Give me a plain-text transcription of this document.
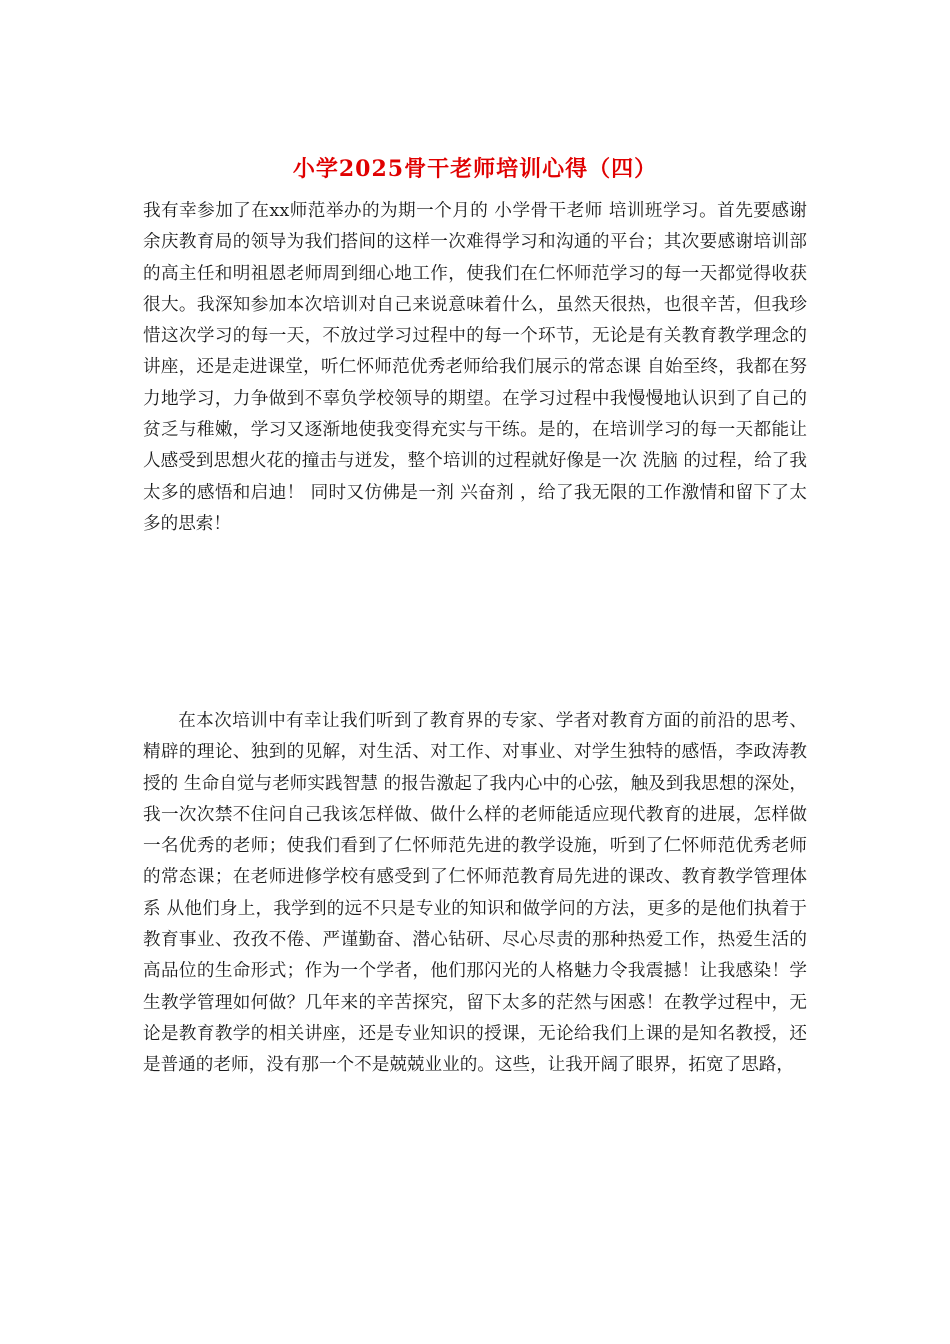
小学2025骨干老师培训心得（四）

我有幸参加了在xx师范举办的为期一个月的 小学骨干老师 培训班学习。首先要感谢余庆教育局的领导为我们搭间的这样一次难得学习和沟通的平台；其次要感谢培训部的高主任和明祖恩老师周到细心地工作，使我们在仁怀师范学习的每一天都觉得收获很大。我深知参加本次培训对自己来说意味着什么，虽然天很热，也很辛苦，但我珍惜这次学习的每一天，不放过学习过程中的每一个环节，无论是有关教育教学理念的讲座，还是走进课堂，听仁怀师范优秀老师给我们展示的常态课 自始至终，我都在努力地学习，力争做到不辜负学校领导的期望。在学习过程中我慢慢地认识到了自己的贫乏与稚嫩，学习又逐渐地使我变得充实与干练。是的，在培训学习的每一天都能让人感受到思想火花的撞击与迸发，整个培训的过程就好像是一次 洗脑 的过程，给了我太多的感悟和启迪！ 同时又仿佛是一剂 兴奋剂 ，给了我无限的工作激情和留下了太多的思索！

在本次培训中有幸让我们听到了教育界的专家、学者对教育方面的前沿的思考、精辟的理论、独到的见解，对生活、对工作、对事业、对学生独特的感悟，李政涛教授的 生命自觉与老师实践智慧 的报告激起了我内心中的心弦，触及到我思想的深处，我一次次禁不住问自己我该怎样做、做什么样的老师能适应现代教育的进展，怎样做一名优秀的老师；使我们看到了仁怀师范先进的教学设施，听到了仁怀师范优秀老师的常态课；在老师进修学校有感受到了仁怀师范教育局先进的课改、教育教学管理体系 从他们身上，我学到的远不只是专业的知识和做学问的方法，更多的是他们执着于教育事业、孜孜不倦、严谨勤奋、潜心钻研、尽心尽责的那种热爱工作，热爱生活的高品位的生命形式；作为一个学者，他们那闪光的人格魅力令我震撼！让我感染！学生教学管理如何做？几年来的辛苦探究，留下太多的茫然与困惑！在教学过程中，无论是教育教学的相关讲座，还是专业知识的授课，无论给我们上课的是知名教授，还是普通的老师，没有那一个不是兢兢业业的。这些，让我开阔了眼界，拓宽了思路，
